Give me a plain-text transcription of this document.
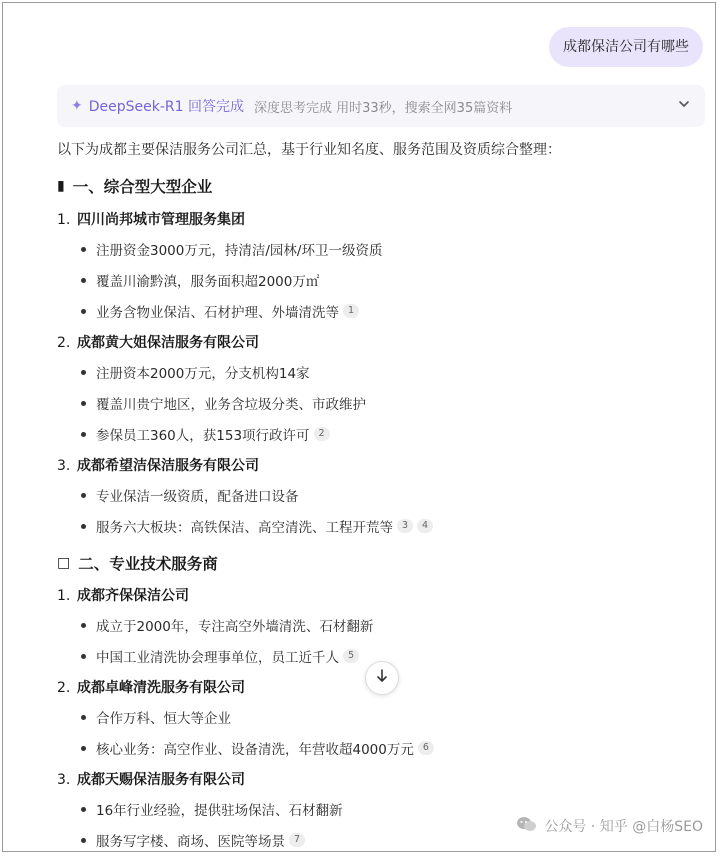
成都保洁公司有哪些
✦ DeepSeek-R1 回答完成 深度思考完成 用时33秒，搜索全网35篇资料
以下为成都主要保洁服务公司汇总，基于行业知名度、服务范围及资质综合整理：
▮ 一、综合型大型企业
1. 四川尚邦城市管理服务集团
注册资金3000万元，持清洁/园林/环卫一级资质
覆盖川渝黔滇，服务面积超2000万㎡
业务含物业保洁、石材护理、外墙清洗等 1
2. 成都黄大姐保洁服务有限公司
注册资本2000万元，分支机构14家
覆盖川贵宁地区，业务含垃圾分类、市政维护
参保员工360人，获153项行政许可 2
3. 成都希望洁保洁服务有限公司
专业保洁一级资质，配备进口设备
服务六大板块：高铁保洁、高空清洗、工程开荒等 3	4
□ 二、专业技术服务商
1. 成都齐保保洁公司
成立于2000年，专注高空外墙清洗、石材翻新
中国工业清洗协会理事单位，员工近千人 5
2. 成都卓峰清洗服务有限公司
合作万科、恒大等企业
核心业务：高空作业、设备清洗，年营收超4000万元 6
3. 成都天赐保洁服务有限公司
16年行业经验，提供驻场保洁、石材翻新
服务写字楼、商场、医院等场景 7
公众号 · 知乎 @白杨SEO
